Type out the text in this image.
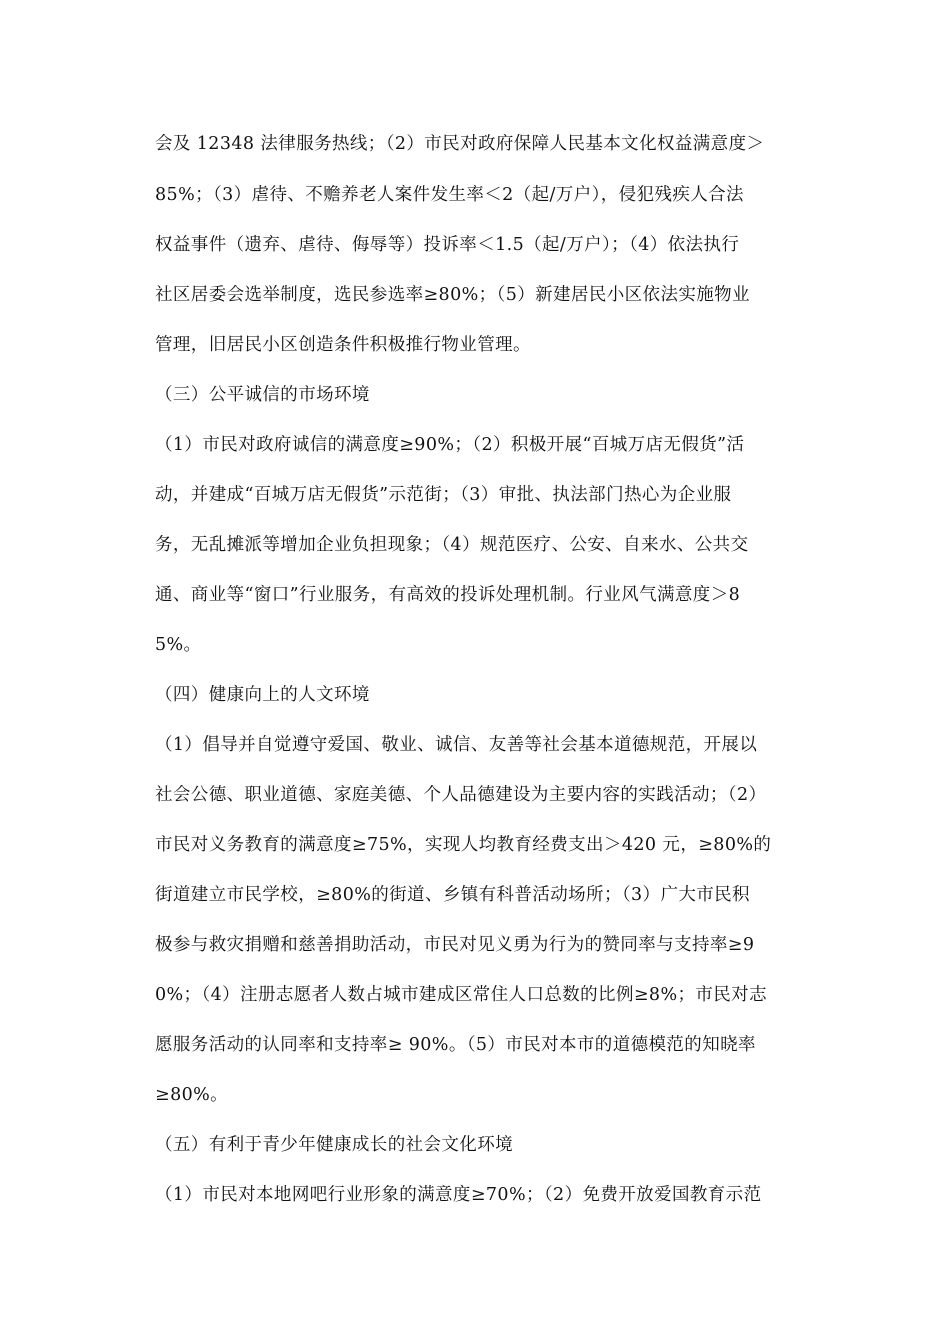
会及 12348 法律服务热线；（2）市民对政府保障人民基本文化权益满意度＞
85%；（3）虐待、不赡养老人案件发生率＜2（起/万户），侵犯残疾人合法
权益事件（遗弃、虐待、侮辱等）投诉率＜1.5（起/万户）；（4）依法执行
社区居委会选举制度，选民参选率≥80%；（5）新建居民小区依法实施物业
管理，旧居民小区创造条件积极推行物业管理。
（三）公平诚信的市场环境
（1）市民对政府诚信的满意度≥90%；（2）积极开展“百城万店无假货”活
动，并建成“百城万店无假货”示范街；（3）审批、执法部门热心为企业服
务，无乱摊派等增加企业负担现象；（4）规范医疗、公安、自来水、公共交
通、商业等“窗口”行业服务，有高效的投诉处理机制。行业风气满意度＞8
5%。
（四）健康向上的人文环境
（1）倡导并自觉遵守爱国、敬业、诚信、友善等社会基本道德规范，开展以
社会公德、职业道德、家庭美德、个人品德建设为主要内容的实践活动；（2）
市民对义务教育的满意度≥75%，实现人均教育经费支出＞420 元，≥80%的
街道建立市民学校，≥80%的街道、乡镇有科普活动场所；（3）广大市民积
极参与救灾捐赠和慈善捐助活动，市民对见义勇为行为的赞同率与支持率≥9
0%；（4）注册志愿者人数占城市建成区常住人口总数的比例≥8%；市民对志
愿服务活动的认同率和支持率≥ 90%。（5）市民对本市的道德模范的知晓率
≥80%。
（五）有利于青少年健康成长的社会文化环境
（1）市民对本地网吧行业形象的满意度≥70%；（2）免费开放爱国教育示范
